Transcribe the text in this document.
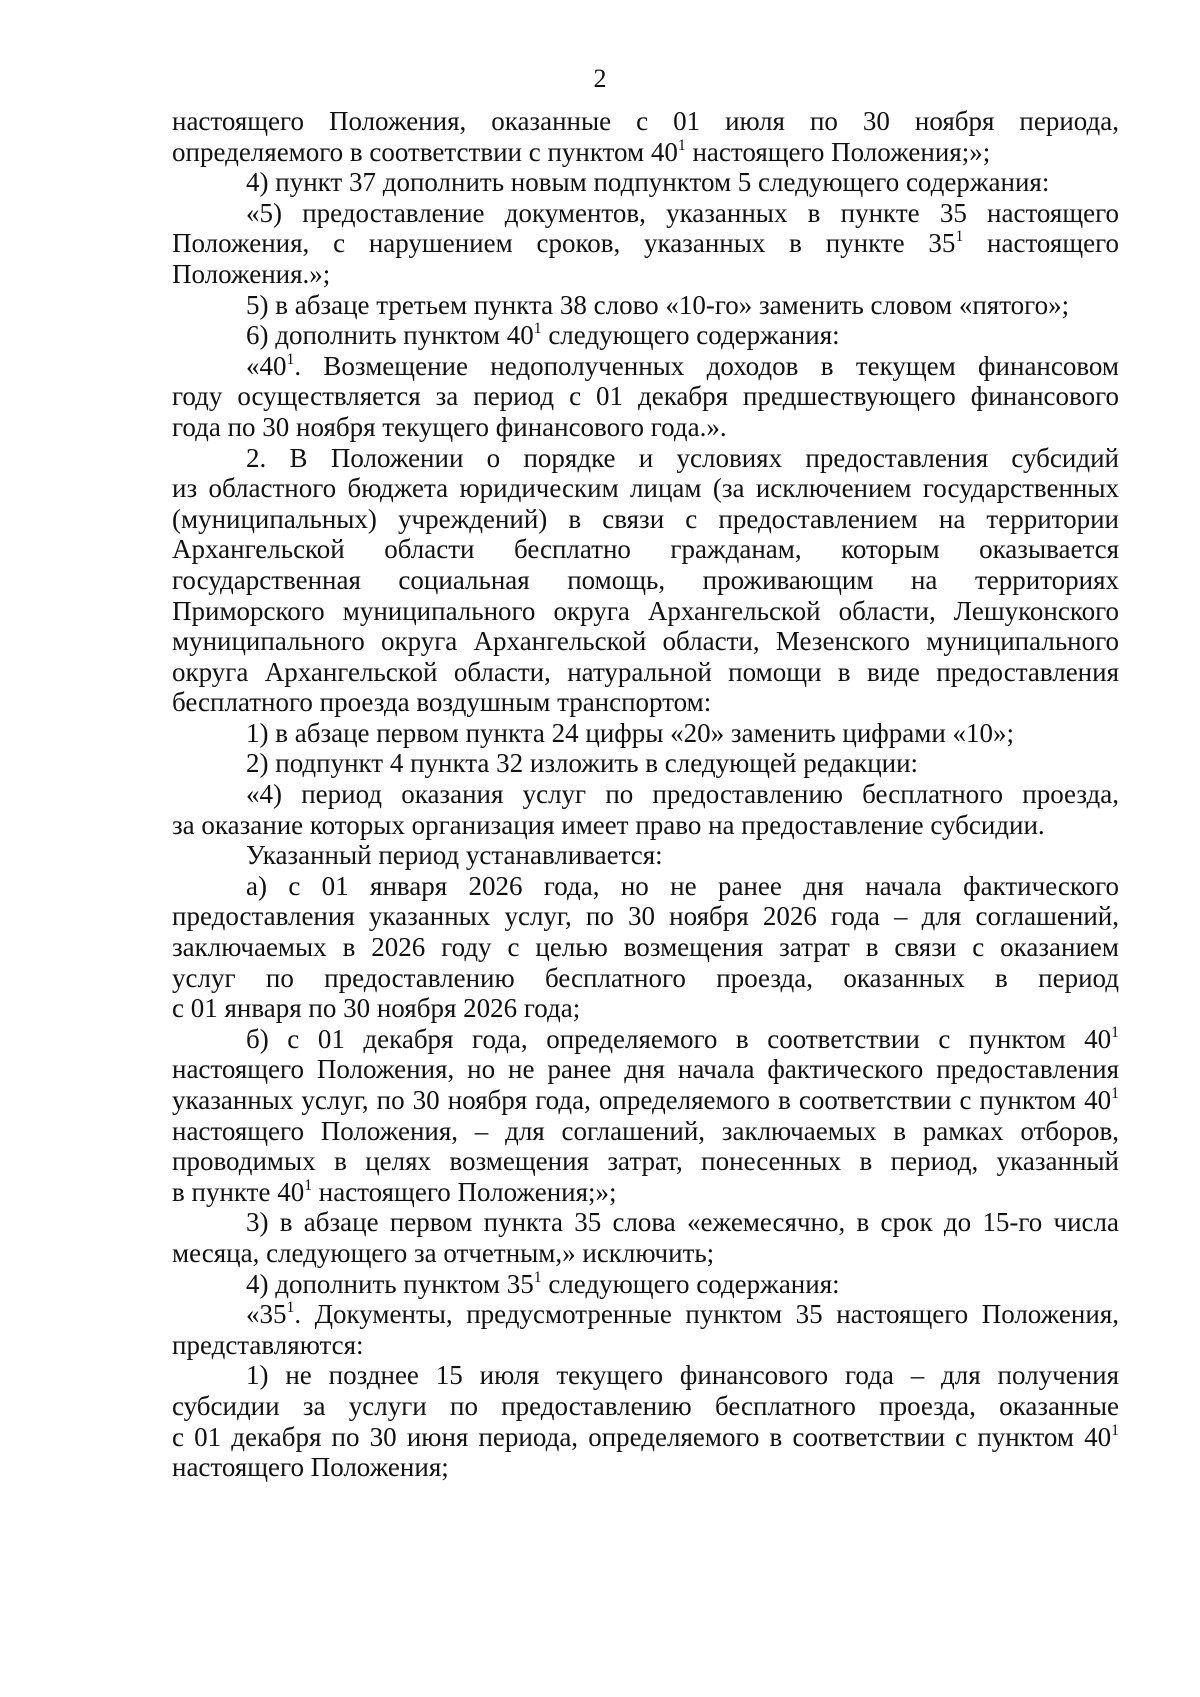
2
настоящего Положения, оказанные с 01 июля по 30 ноября периода,
определяемого в соответствии с пунктом $40^1$ настоящего Положения;»;
4) пункт 37 дополнить новым подпунктом 5 следующего содержания:
«5) предоставление документов, указанных в пункте 35 настоящего
Положения, с нарушением сроков, указанных в пункте $35^1$ настоящего
Положения.»;
5) в абзаце третьем пункта 38 слово «10-го» заменить словом «пятого»;
6) дополнить пунктом $40^1$ следующего содержания:
«$40^1$. Возмещение недополученных доходов в текущем финансовом
году осуществляется за период с 01 декабря предшествующего финансового
года по 30 ноября текущего финансового года.».
2. В Положении о порядке и условиях предоставления субсидий
из областного бюджета юридическим лицам (за исключением государственных
(муниципальных) учреждений) в связи с предоставлением на территории
Архангельской области бесплатно гражданам, которым оказывается
государственная социальная помощь, проживающим на территориях
Приморского муниципального округа Архангельской области, Лешуконского
муниципального округа Архангельской области, Мезенского муниципального
округа Архангельской области, натуральной помощи в виде предоставления
бесплатного проезда воздушным транспортом:
1) в абзаце первом пункта 24 цифры «20» заменить цифрами «10»;
2) подпункт 4 пункта 32 изложить в следующей редакции:
«4) период оказания услуг по предоставлению бесплатного проезда,
за оказание которых организация имеет право на предоставление субсидии.
Указанный период устанавливается:
а) с 01 января 2026 года, но не ранее дня начала фактического
предоставления указанных услуг, по 30 ноября 2026 года – для соглашений,
заключаемых в 2026 году с целью возмещения затрат в связи с оказанием
услуг по предоставлению бесплатного проезда, оказанных в период
с 01 января по 30 ноября 2026 года;
б) с 01 декабря года, определяемого в соответствии с пунктом $40^1$
настоящего Положения, но не ранее дня начала фактического предоставления
указанных услуг, по 30 ноября года, определяемого в соответствии с пунктом $40^1$
настоящего Положения, – для соглашений, заключаемых в рамках отборов,
проводимых в целях возмещения затрат, понесенных в период, указанный
в пункте $40^1$ настоящего Положения;»;
3) в абзаце первом пункта 35 слова «ежемесячно, в срок до 15-го числа
месяца, следующего за отчетным,» исключить;
4) дополнить пунктом $35^1$ следующего содержания:
«$35^1$. Документы, предусмотренные пунктом 35 настоящего Положения,
представляются:
1) не позднее 15 июля текущего финансового года – для получения
субсидии за услуги по предоставлению бесплатного проезда, оказанные
с 01 декабря по 30 июня периода, определяемого в соответствии с пунктом $40^1$
настоящего Положения;
